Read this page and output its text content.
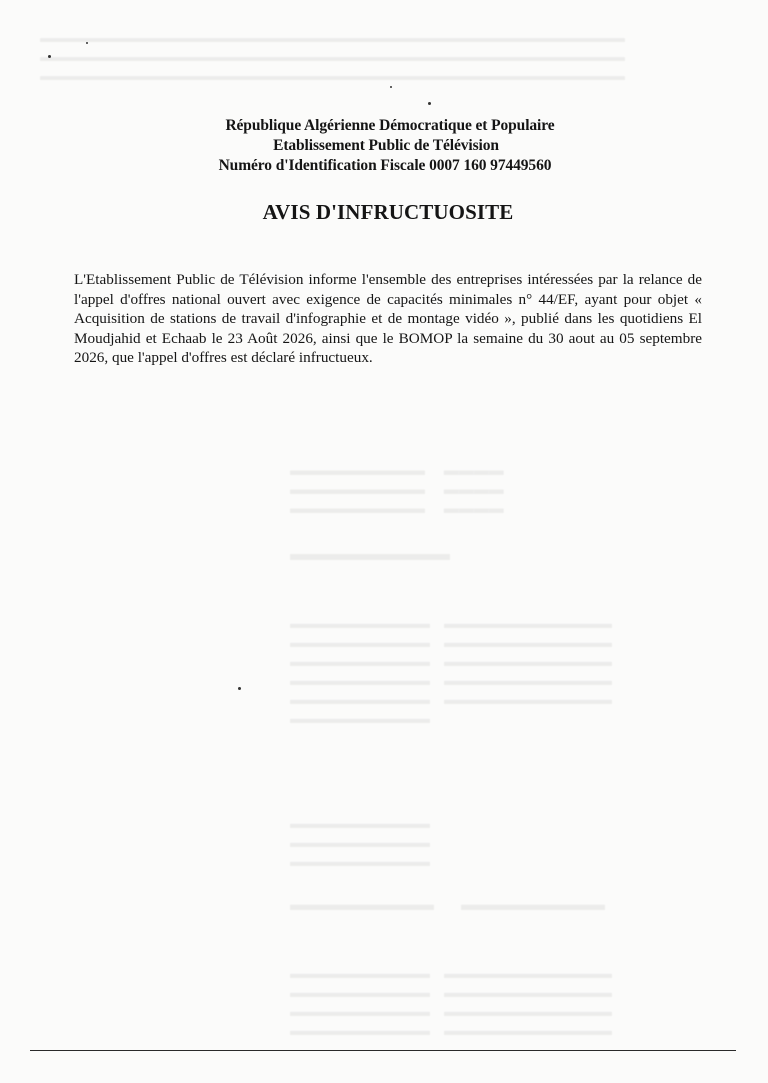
▬▬▬▬▬▬▬▬▬     ▬▬▬▬
▬▬▬▬▬▬▬▬▬     ▬▬▬▬
▬▬▬▬▬▬▬▬▬     ▬▬▬▬
▬▬▬▬▬▬▬▬
▬▬▬▬▬▬▬▬▬▬    ▬▬▬▬▬▬▬▬▬▬▬▬
▬▬▬▬▬▬▬▬▬▬    ▬▬▬▬▬▬▬▬▬▬▬▬
▬▬▬▬▬▬▬▬▬▬    ▬▬▬▬▬▬▬▬▬▬▬▬
▬▬▬▬▬▬▬▬▬▬    ▬▬▬▬▬▬▬▬▬▬▬▬
▬▬▬▬▬▬▬▬▬▬    ▬▬▬▬▬▬▬▬▬▬▬▬
▬▬▬▬▬▬▬▬▬▬
▬▬▬▬▬▬▬▬▬▬
▬▬▬▬▬▬▬▬▬▬
▬▬▬▬▬▬▬▬▬▬
▬▬▬▬▬▬▬▬      ▬▬▬▬▬▬▬▬
▬▬▬▬▬▬▬▬▬▬    ▬▬▬▬▬▬▬▬▬▬▬▬
▬▬▬▬▬▬▬▬▬▬    ▬▬▬▬▬▬▬▬▬▬▬▬
▬▬▬▬▬▬▬▬▬▬    ▬▬▬▬▬▬▬▬▬▬▬▬
▬▬▬▬▬▬▬▬▬▬    ▬▬▬▬▬▬▬▬▬▬▬▬
▬▬▬▬▬▬▬▬▬▬▬▬▬▬▬▬▬▬▬▬▬▬▬▬▬▬▬▬▬▬▬▬▬▬▬▬▬▬▬▬▬▬▬▬▬
▬▬▬▬▬▬▬▬▬▬▬▬▬▬▬▬▬▬▬▬▬▬▬▬▬▬▬▬▬▬▬▬▬▬▬▬▬▬▬▬▬▬▬▬▬
▬▬▬▬▬▬▬▬▬▬▬▬▬▬▬▬▬▬▬▬▬▬▬▬▬▬▬▬▬▬▬▬▬▬▬▬▬▬▬▬▬▬▬▬▬
République Algérienne Démocratique et Populaire
Etablissement Public de Télévision
Numéro d'Identification Fiscale 0007 160 97449560
AVIS D'INFRUCTUOSITE
L'Etablissement Public de Télévision informe l'ensemble des entreprises intéressées par la relance de l'appel d'offres national ouvert avec exigence de capacités minimales n° 44/EF, ayant pour objet « Acquisition de stations de travail d'infographie et de montage vidéo », publié dans les quotidiens El Moudjahid et Echaab le 23 Août 2026, ainsi que le BOMOP la semaine du 30 aout au 05 septembre 2026, que l'appel d'offres est déclaré infructueux.
